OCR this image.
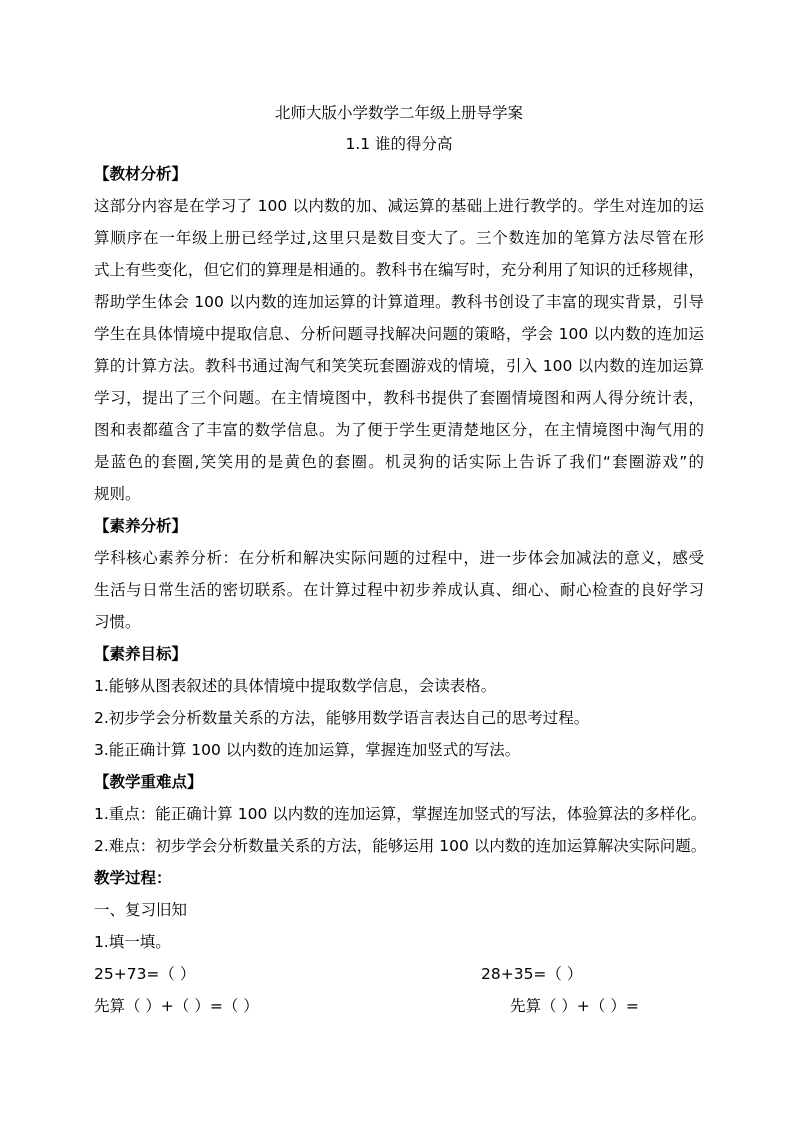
北师大版小学数学二年级上册导学案
1.1 谁的得分高
【教材分析】
这部分内容是在学习了 100 以内数的加、减运算的基础上进行教学的。学生对连加的运
算顺序在一年级上册已经学过,这里只是数目变大了。三个数连加的笔算方法尽管在形
式上有些变化，但它们的算理是相通的。教科书在编写时，充分利用了知识的迁移规律，
帮助学生体会 100 以内数的连加运算的计算道理。教科书创设了丰富的现实背景，引导
学生在具体情境中提取信息、分析问题寻找解决问题的策略，学会 100 以内数的连加运
算的计算方法。教科书通过淘气和笑笑玩套圈游戏的情境，引入 100 以内数的连加运算
学习，提出了三个问题。在主情境图中，教科书提供了套圈情境图和两人得分统计表，
图和表都蕴含了丰富的数学信息。为了便于学生更清楚地区分，在主情境图中淘气用的
是蓝色的套圈,笑笑用的是黄色的套圈。机灵狗的话实际上告诉了我们“套圈游戏”的
规则。
【素养分析】
学科核心素养分析：在分析和解决实际问题的过程中，进一步体会加减法的意义，感受
生活与日常生活的密切联系。在计算过程中初步养成认真、细心、耐心检查的良好学习
习惯。
【素养目标】
1.能够从图表叙述的具体情境中提取数学信息，会读表格。
2.初步学会分析数量关系的方法，能够用数学语言表达自己的思考过程。
3.能正确计算 100 以内数的连加运算，掌握连加竖式的写法。
【教学重难点】
1.重点：能正确计算 100 以内数的连加运算，掌握连加竖式的写法，体验算法的多样化。
2.难点：初步学会分析数量关系的方法，能够运用 100 以内数的连加运算解决实际问题。
教学过程：
一、复习旧知
1.填一填。
25+73=（ ）	28+35=（ ）
先算（ ）+（ ）=（ ）	先算（ ）+（ ）=
